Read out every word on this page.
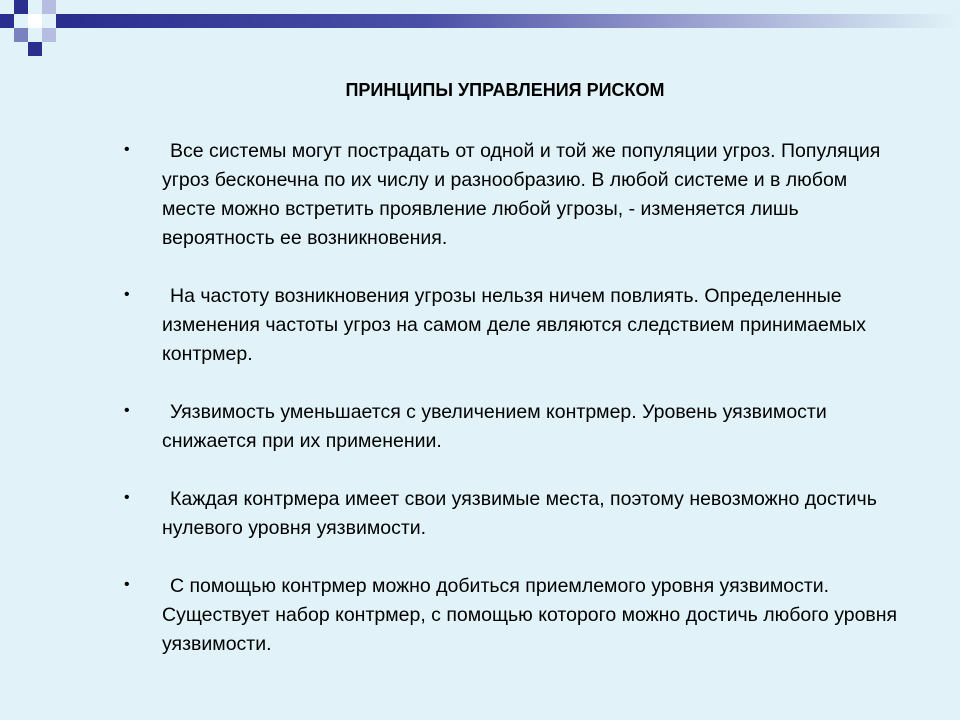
ПРИНЦИПЫ УПРАВЛЕНИЯ РИСКОМ
•	Все системы могут пострадать от одной и той же популяции угроз. Популяция угроз бесконечна по их числу и разнообразию. В любой системе и в любом месте можно встретить проявление любой угрозы, - изменяется лишь вероятность ее возникновения.
•	На частоту возникновения угрозы нельзя ничем повлиять. Определенные изменения частоты угроз на самом деле являются следствием принимаемых контрмер.
•	Уязвимость уменьшается с увеличением контрмер. Уровень уязвимости снижается при их применении.
•	Каждая контрмера имеет свои уязвимые места, поэтому невозможно достичь нулевого уровня уязвимости.
•	С помощью контрмер можно добиться приемлемого уровня уязвимости. Существует набор контрмер, с помощью которого можно достичь любого уровня уязвимости.
